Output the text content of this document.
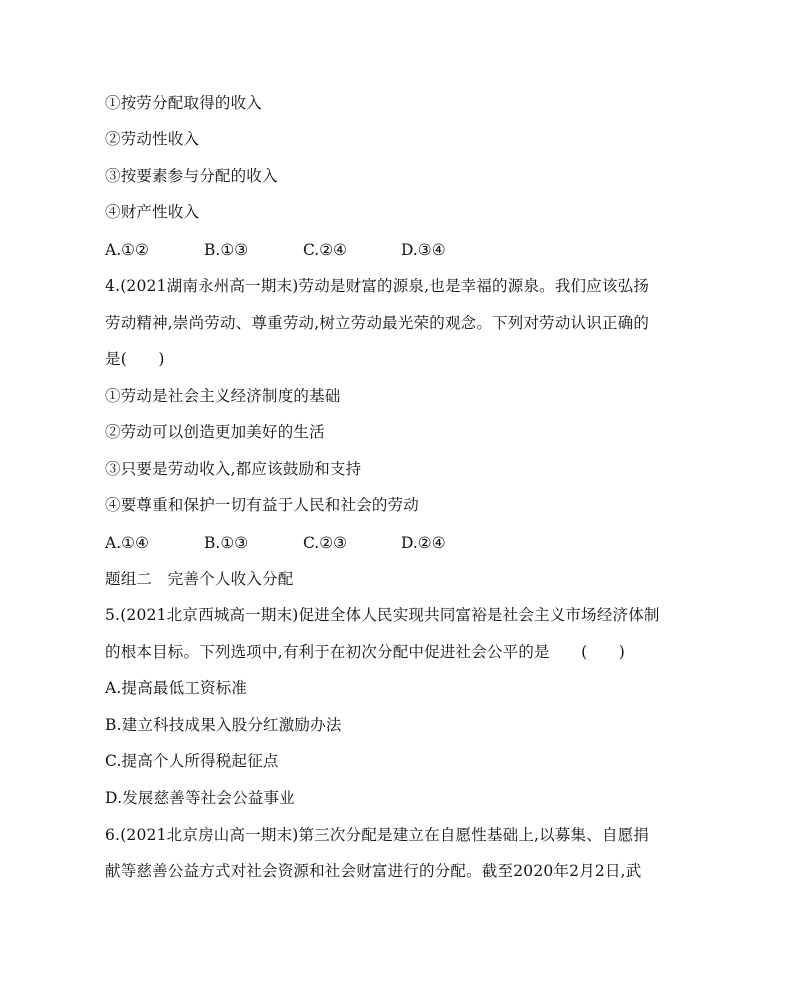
①按劳分配取得的收入
②劳动性收入
③按要素参与分配的收入
④财产性收入

A.①②

	B.①③

	C.②④

	D.③④

4.(2021湖南永州高一期末)劳动是财富的源泉,也是幸福的源泉。我们应该弘扬
劳动精神,崇尚劳动、尊重劳动,树立劳动最光荣的观念。下列对劳动认识正确的
是(　　)
①劳动是社会主义经济制度的基础
②劳动可以创造更加美好的生活
③只要是劳动收入,都应该鼓励和支持
④要尊重和保护一切有益于人民和社会的劳动

A.①④

	B.①③

	C.②③

	D.②④

题组二　完善个人收入分配
5.(2021北京西城高一期末)促进全体人民实现共同富裕是社会主义市场经济体制
的根本目标。下列选项中,有利于在初次分配中促进社会公平的是　　(　　)
A.提高最低工资标准
B.建立科技成果入股分红激励办法
C.提高个人所得税起征点
D.发展慈善等社会公益事业
6.(2021北京房山高一期末)第三次分配是建立在自愿性基础上,以募集、自愿捐
献等慈善公益方式对社会资源和社会财富进行的分配。截至2020年2月2日,武
